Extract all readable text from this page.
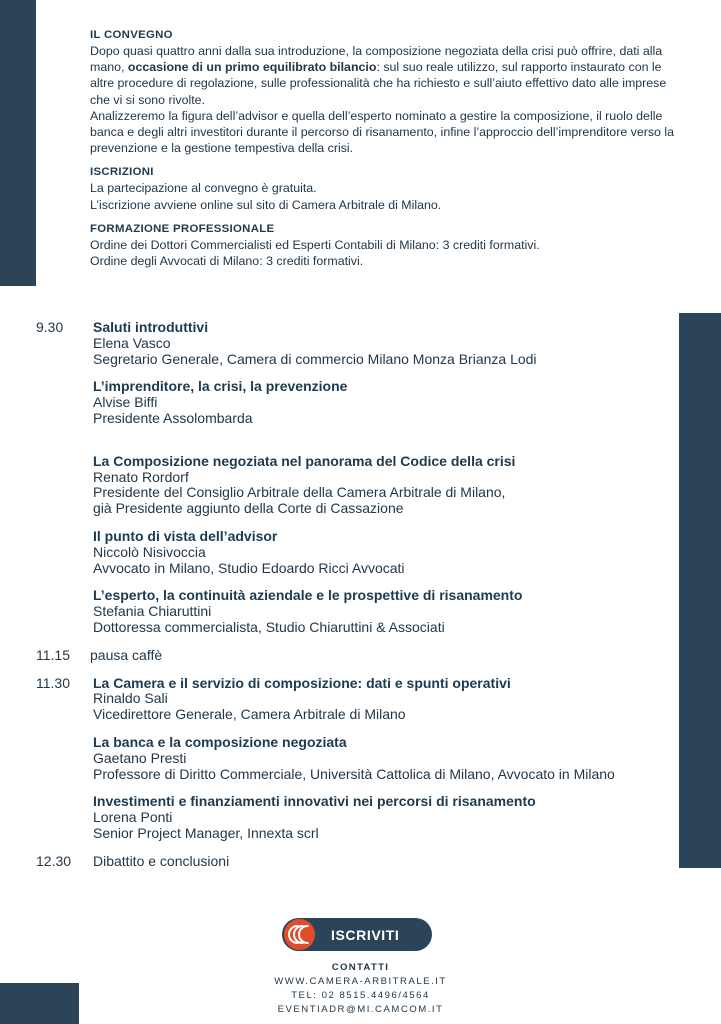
IL CONVEGNO

Dopo quasi quattro anni dalla sua introduzione, la composizione negoziata della crisi può offrire, dati alla mano, occasione di un primo equilibrato bilancio: sul suo reale utilizzo, sul rapporto instaurato con le altre procedure di regolazione, sulle professionalità che ha richiesto e sull’aiuto effettivo dato alle imprese che vi si sono rivolte.

Analizzeremo la figura dell’advisor e quella dell’esperto nominato a gestire la composizione, il ruolo delle banca e degli altri investitori durante il percorso di risanamento, infine l’approccio dell’imprenditore verso la prevenzione e la gestione tempestiva della crisi.

ISCRIZIONI

La partecipazione al convegno è gratuita.

L’iscrizione avviene online sul sito di Camera Arbitrale di Milano.

FORMAZIONE PROFESSIONALE

Ordine dei Dottori Commercialisti ed Esperti Contabili di Milano: 3 crediti formativi.

Ordine degli Avvocati di Milano: 3 crediti formativi.

9.30	Saluti introduttivi
Elena Vasco
Segretario Generale, Camera di commercio Milano Monza Brianza Lodi
L’imprenditore, la crisi, la prevenzione
Alvise Biffi
Presidente Assolombarda
La Composizione negoziata nel panorama del Codice della crisi
Renato Rordorf
Presidente del Consiglio Arbitrale della Camera Arbitrale di Milano,
già Presidente aggiunto della Corte di Cassazione
Il punto di vista dell’advisor
Niccolò Nisivoccia
Avvocato in Milano, Studio Edoardo Ricci Avvocati
L’esperto, la continuità aziendale e le prospettive di risanamento
Stefania Chiaruttini
Dottoressa commercialista, Studio Chiaruttini & Associati
11.15	pausa caffè
11.30	La Camera e il servizio di composizione: dati e spunti operativi
Rinaldo Sali
Vicedirettore Generale, Camera Arbitrale di Milano
La banca e la composizione negoziata
Gaetano Presti
Professore di Diritto Commerciale, Università Cattolica di Milano, Avvocato in Milano
Investimenti e finanziamenti innovativi nei percorsi di risanamento
Lorena Ponti
Senior Project Manager, Innexta scrl
12.30	Dibattito e conclusioni
ISCRIVITI
CONTATTI
WWW.CAMERA-ARBITRALE.IT
TEL: 02 8515.4496/4564
EVENTIADR@MI.CAMCOM.IT
